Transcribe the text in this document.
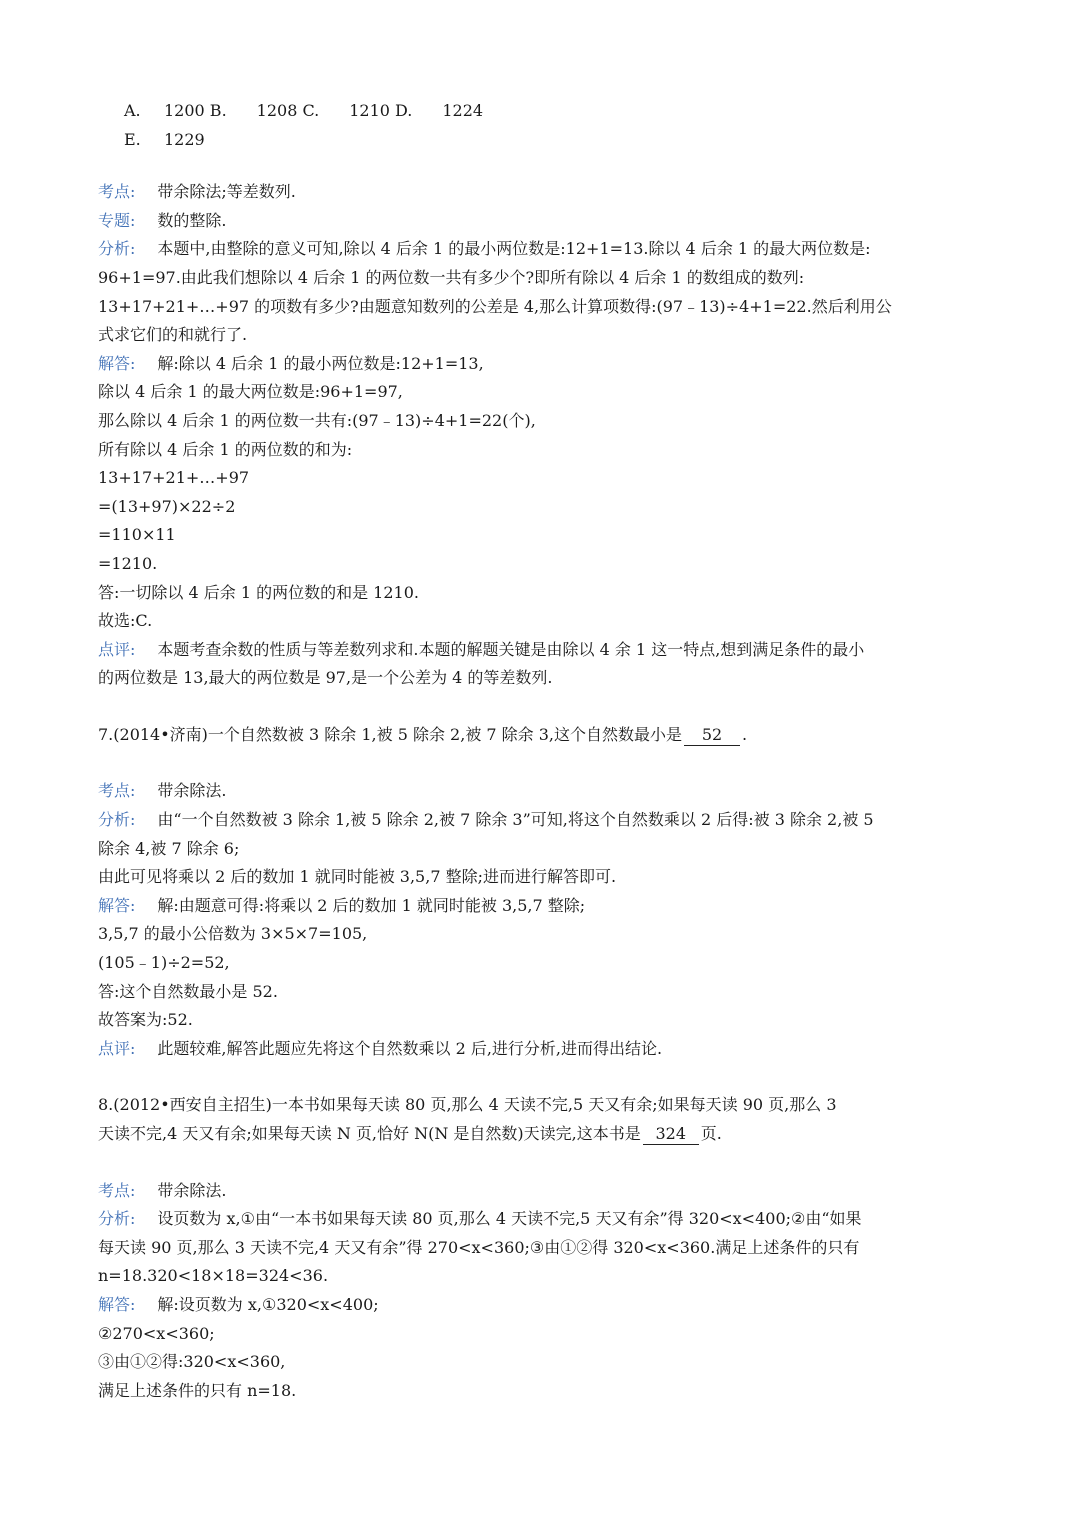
A. 1200 B. 1208 C. 1210 D. 1224
E. 1229
考点: 带余除法;等差数列.
专题: 数的整除.
分析: 本题中,由整除的意义可知,除以 4 后余 1 的最小两位数是:12+1=13.除以 4 后余 1 的最大两位数是:
96+1=97.由此我们想除以 4 后余 1 的两位数一共有多少个?即所有除以 4 后余 1 的数组成的数列:
13+17+21+…+97 的项数有多少?由题意知数列的公差是 4,那么计算项数得:(97﹣13)÷4+1=22.然后利用公
式求它们的和就行了.
解答: 解:除以 4 后余 1 的最小两位数是:12+1=13,
除以 4 后余 1 的最大两位数是:96+1=97,
那么除以 4 后余 1 的两位数一共有:(97﹣13)÷4+1=22(个),
所有除以 4 后余 1 的两位数的和为:
13+17+21+…+97
=(13+97)×22÷2
=110×11
=1210.
答:一切除以 4 后余 1 的两位数的和是 1210.
故选:C.
点评: 本题考查余数的性质与等差数列求和.本题的解题关键是由除以 4 余 1 这一特点,想到满足条件的最小
的两位数是 13,最大的两位数是 97,是一个公差为 4 的等差数列.
7.(2014•济南)一个自然数被 3 除余 1,被 5 除余 2,被 7 除余 3,这个自然数最小是 52 .
考点: 带余除法.
分析: 由“一个自然数被 3 除余 1,被 5 除余 2,被 7 除余 3”可知,将这个自然数乘以 2 后得:被 3 除余 2,被 5
除余 4,被 7 除余 6;
由此可见将乘以 2 后的数加 1 就同时能被 3,5,7 整除;进而进行解答即可.
解答: 解:由题意可得:将乘以 2 后的数加 1 就同时能被 3,5,7 整除;
3,5,7 的最小公倍数为 3×5×7=105,
(105﹣1)÷2=52,
答:这个自然数最小是 52.
故答案为:52.
点评: 此题较难,解答此题应先将这个自然数乘以 2 后,进行分析,进而得出结论.
8.(2012•西安自主招生)一本书如果每天读 80 页,那么 4 天读不完,5 天又有余;如果每天读 90 页,那么 3
天读不完,4 天又有余;如果每天读 N 页,恰好 N(N 是自然数)天读完,这本书是 324 页.
考点: 带余除法.
分析: 设页数为 x,①由“一本书如果每天读 80 页,那么 4 天读不完,5 天又有余”得 320<x<400;②由“如果
每天读 90 页,那么 3 天读不完,4 天又有余”得 270<x<360;③由①②得 320<x<360.满足上述条件的只有
n=18.320<18×18=324<36.
解答: 解:设页数为 x,①320<x<400;
②270<x<360;
③由①②得:320<x<360,
满足上述条件的只有 n=18.
